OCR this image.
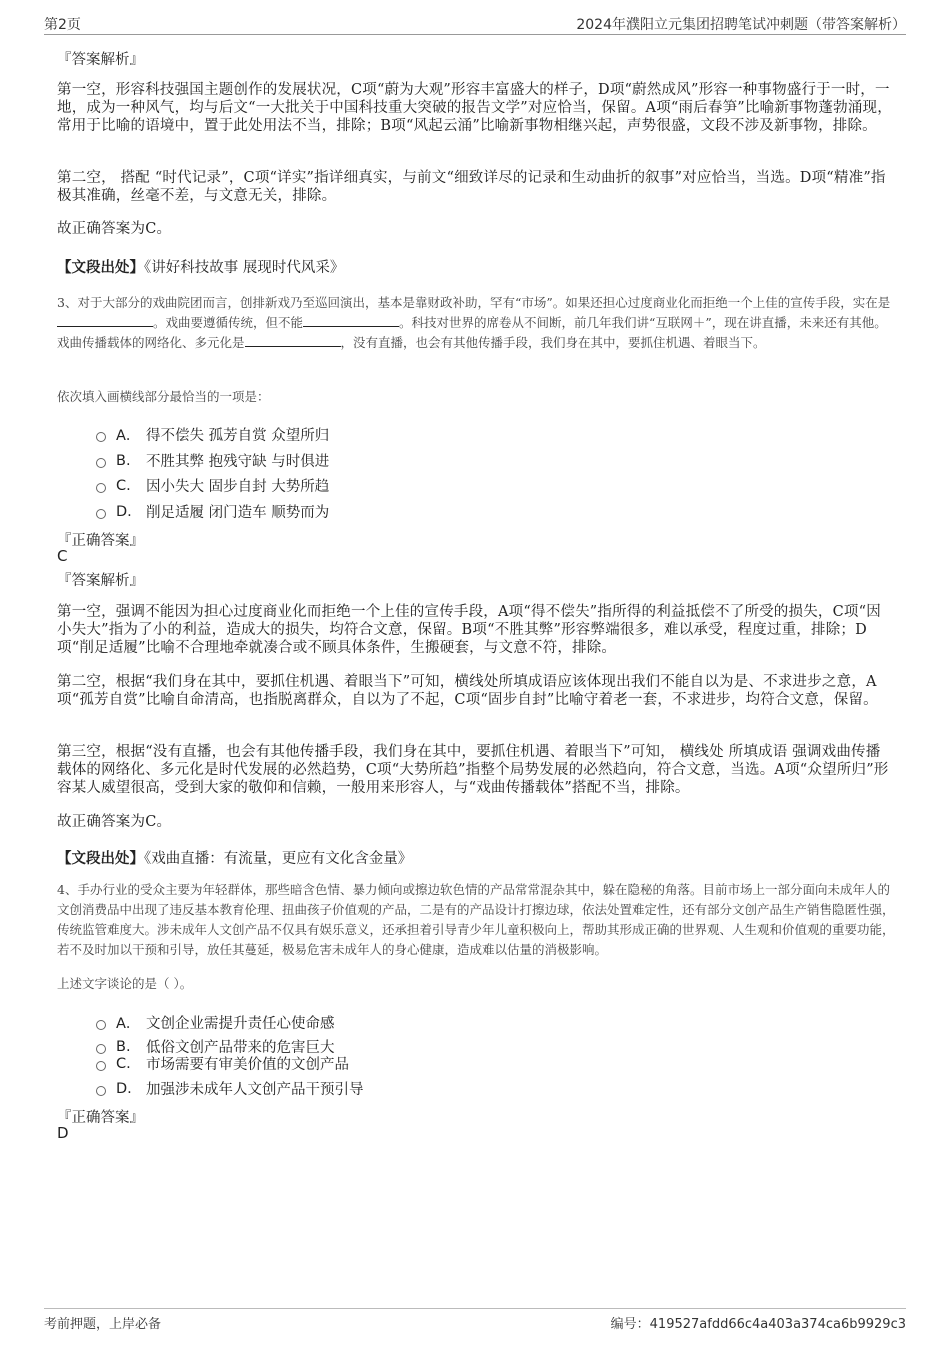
第2页	2024年濮阳立元集团招聘笔试冲刺题（带答案解析）
『答案解析』
第一空，形容科技强国主题创作的发展状况，C项“蔚为大观”形容丰富盛大的样子，D项“蔚然成风”形容一种事物盛行于一时，一地，成为一种风气，均与后文“一大批关于中国科技重大突破的报告文学”对应恰当，保留。A项“雨后春笋”比喻新事物蓬勃涌现，常用于比喻的语境中，置于此处用法不当，排除；B项“风起云涌”比喻新事物相继兴起，声势很盛，文段不涉及新事物，排除。
第二空， 搭配 “时代记录”，C项“详实”指详细真实，与前文“细致详尽的记录和生动曲折的叙事”对应恰当，当选。D项“精准”指 极其准确，丝毫不差，与文意无关，排除。
故正确答案为C。
【文段出处】《讲好科技故事 展现时代风采》
3、对于大部分的戏曲院团而言，创排新戏乃至巡回演出，基本是靠财政补助，罕有“市场”。如果还担心过度商业化而拒绝一个上佳的宣传手段，实在是。戏曲要遵循传统，但不能	。科技对世界的席卷从不间断，前几年我们讲“互联网＋”，现在讲直播，未来还有其他。戏曲传播载体的网络化、多元化是	，没有直播，也会有其他传播手段，我们身在其中，要抓住机遇、着眼当下。
依次填入画横线部分最恰当的一项是：
A． 得不偿失 孤芳自赏 众望所归
B.	不胜其弊 抱残守缺 与时俱进
C.	因小失大 固步自封 大势所趋
D. 削足适履 闭门造车 顺势而为
『正确答案』
C
『答案解析』
第一空，强调不能因为担心过度商业化而拒绝一个上佳的宣传手段，A项“得不偿失”指所得的利益抵偿不了所受的损失，C项“因小失大”指为了小的利益，造成大的损失，均符合文意，保留。B项“不胜其弊”形容弊端很多，难以承受，程度过重，排除；D项“削足适履”比喻不合理地牵就凑合或不顾具体条件，生搬硬套，与文意不符，排除。
第二空，根据“我们身在其中，要抓住机遇、着眼当下”可知，横线处所填成语应该体现出我们不能自以为是、不求进步之意，A项“孤芳自赏”比喻自命清高，也指脱离群众，自以为了不起，C项“固步自封”比喻守着老一套，不求进步，均符合文意，保留。
第三空，根据“没有直播，也会有其他传播手段，我们身在其中，要抓住机遇、着眼当下”可知， 横线处 所填成语 强调戏曲传播载体的网络化、多元化是时代发展的必然趋势，C项“大势所趋”指整个局势发展的必然趋向，符合文意，当选。A项“众望所归”形容某人威望很高，受到大家的敬仰和信赖，一般用来形容人，与“戏曲传播载体”搭配不当，排除。
故正确答案为C。
【文段出处】《戏曲直播：有流量，更应有文化含金量》
4、手办行业的受众主要为年轻群体，那些暗含色情、暴力倾向或擦边软色情的产品常常混杂其中，躲在隐秘的角落。目前市场上一部分面向未成年人的文创消费品中出现了违反基本教育伦理、扭曲孩子价值观的产品，二是有的产品设计打擦边球，依法处置难定性，还有部分文创产品生产销售隐匿性强，传统监管难度大。涉未成年人文创产品不仅具有娱乐意义，还承担着引导青少年儿童积极向上，帮助其形成正确的世界观、人生观和价值观的重要功能，若不及时加以干预和引导，放任其蔓延，极易危害未成年人的身心健康，造成难以估量的消极影响。
上述文字谈论的是（ ）。
A． 文创企业需提升责任心使命感
B.	低俗文创产品带来的危害巨大
C.	市场需要有审美价值的文创产品
D. 加强涉未成年人文创产品干预引导
『正确答案』
D
考前押题，上岸必备	编号：419527afdd66c4a403a374ca6b9929c3
